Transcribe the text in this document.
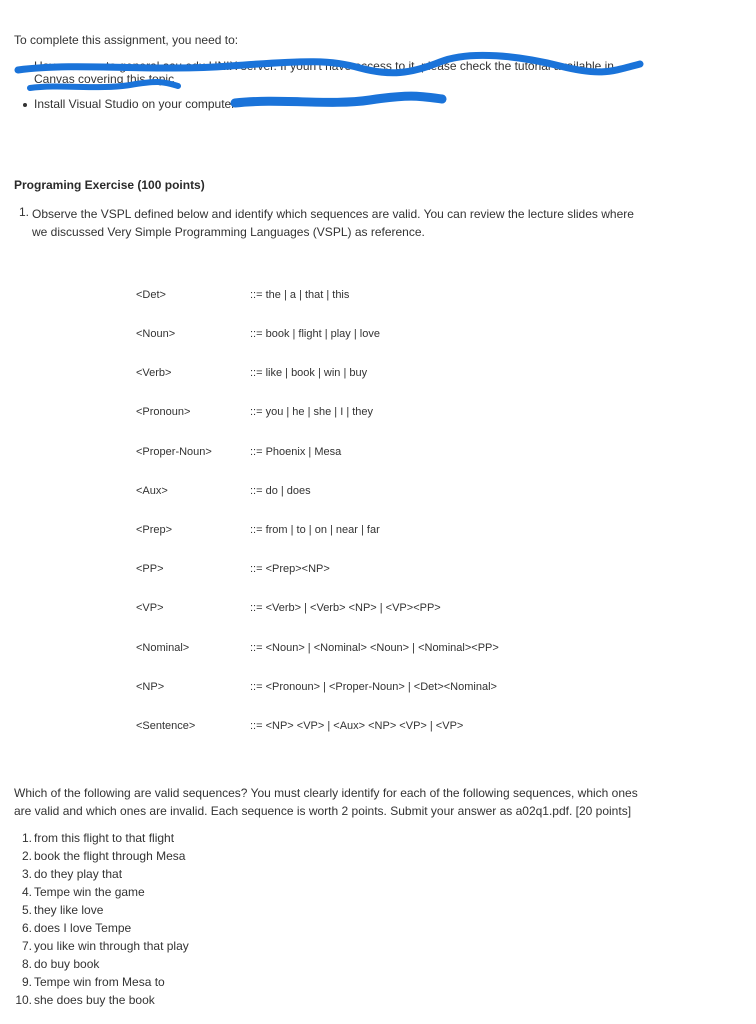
To complete this assignment, you need to:
Have access to general.asu.edu UNIX server. If youn't have access to it, please check the tutorial available in
Canvas covering this topic
Install Visual Studio on your computer
Programing Exercise (100 points)
1. Observe the VSPL defined below and identify which sequences are valid. You can review the lecture slides where we discussed Very Simple Programming Languages (VSPL) as reference.
<Det>	::= the | a | that | this
<Noun>	::= book | flight | play | love
<Verb>	::= like | book | win | buy
<Pronoun>	::= you | he | she | I | they
<Proper-Noun>	::= Phoenix | Mesa
<Aux>	::= do | does
<Prep>	::= from | to | on | near | far
<PP>	::= <Prep><NP>
<VP>	::= <Verb> | <Verb> <NP> | <VP><PP>
<Nominal>	::= <Noun> | <Nominal> <Noun> | <Nominal><PP>
<NP>	::= <Pronoun> | <Proper-Noun> | <Det><Nominal>
<Sentence>	::= <NP> <VP> | <Aux> <NP> <VP> | <VP>
Which of the following are valid sequences? You must clearly identify for each of the following sequences, which ones are valid and which ones are invalid. Each sequence is worth 2 points. Submit your answer as a02q1.pdf. [20 points]
1. from this flight to that flight
2. book the flight through Mesa
3. do they play that
4. Tempe win the game
5. they like love
6. does I love Tempe
7. you like win through that play
8. do buy book
9. Tempe win from Mesa to
10. she does buy the book
